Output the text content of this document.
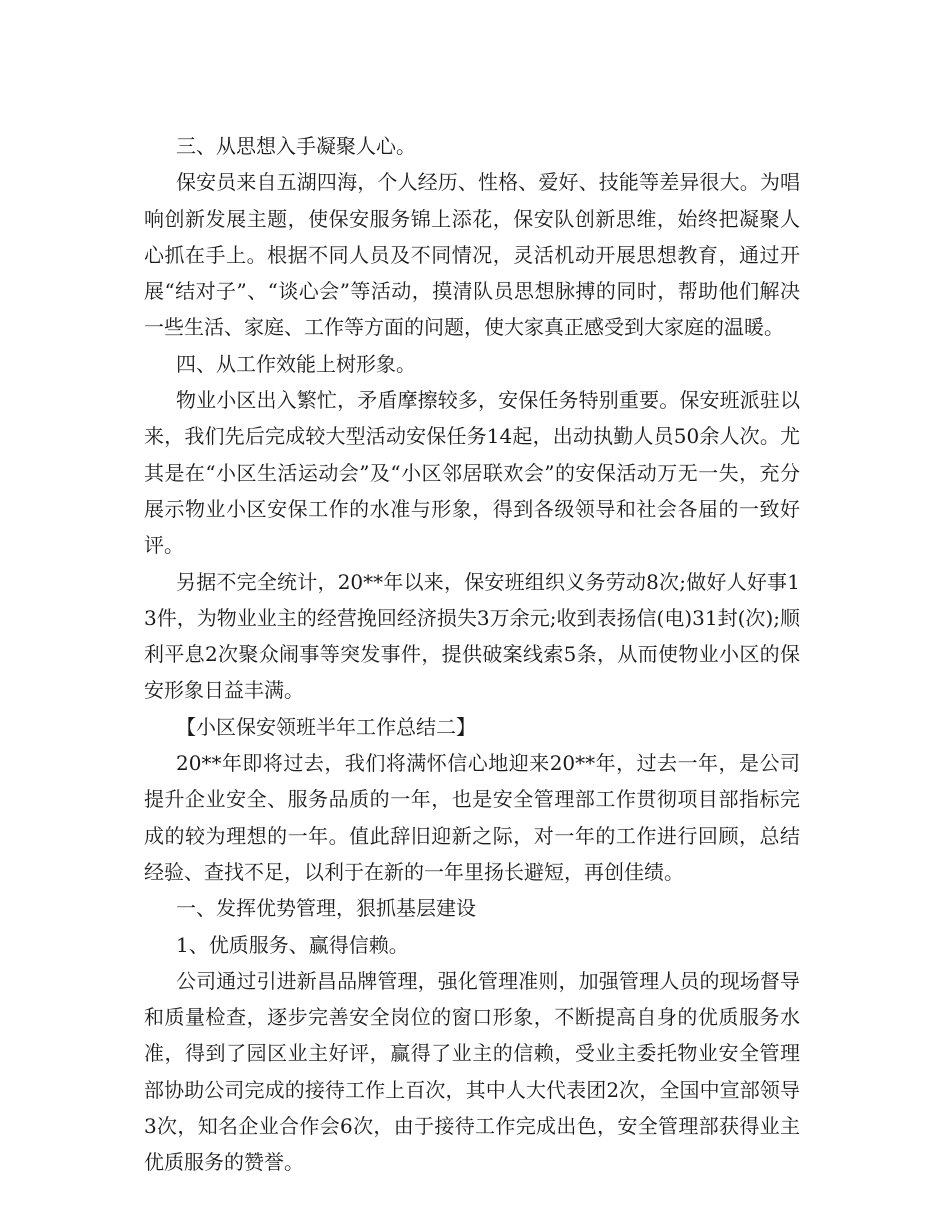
三、从思想入手凝聚人心。

保安员来自五湖四海，个人经历、性格、爱好、技能等差异很大。为唱响创新发展主题，使保安服务锦上添花，保安队创新思维，始终把凝聚人心抓在手上。根据不同人员及不同情况，灵活机动开展思想教育，通过开展“结对子”、“谈心会”等活动，摸清队员思想脉搏的同时，帮助他们解决一些生活、家庭、工作等方面的问题，使大家真正感受到大家庭的温暖。

四、从工作效能上树形象。

物业小区出入繁忙，矛盾摩擦较多，安保任务特别重要。保安班派驻以来，我们先后完成较大型活动安保任务14起，出动执勤人员50余人次。尤其是在“小区生活运动会”及“小区邻居联欢会”的安保活动万无一失，充分展示物业小区安保工作的水准与形象，得到各级领导和社会各届的一致好评。

另据不完全统计，20**年以来，保安班组织义务劳动8次;做好人好事13件，为物业业主的经营挽回经济损失3万余元;收到表扬信(电)31封(次);顺利平息2次聚众闹事等突发事件，提供破案线索5条，从而使物业小区的保安形象日益丰满。

【小区保安领班半年工作总结二】

20**年即将过去，我们将满怀信心地迎来20**年，过去一年，是公司提升企业安全、服务品质的一年，也是安全管理部工作贯彻项目部指标完成的较为理想的一年。值此辞旧迎新之际，对一年的工作进行回顾，总结经验、查找不足，以利于在新的一年里扬长避短，再创佳绩。

一、发挥优势管理，狠抓基层建设

1、优质服务、赢得信赖。

公司通过引进新昌品牌管理，强化管理准则，加强管理人员的现场督导和质量检查，逐步完善安全岗位的窗口形象，不断提高自身的优质服务水准，得到了园区业主好评，赢得了业主的信赖，受业主委托物业安全管理部协助公司完成的接待工作上百次，其中人大代表团2次，全国中宣部领导3次，知名企业合作会6次，由于接待工作完成出色，安全管理部获得业主优质服务的赞誉。
